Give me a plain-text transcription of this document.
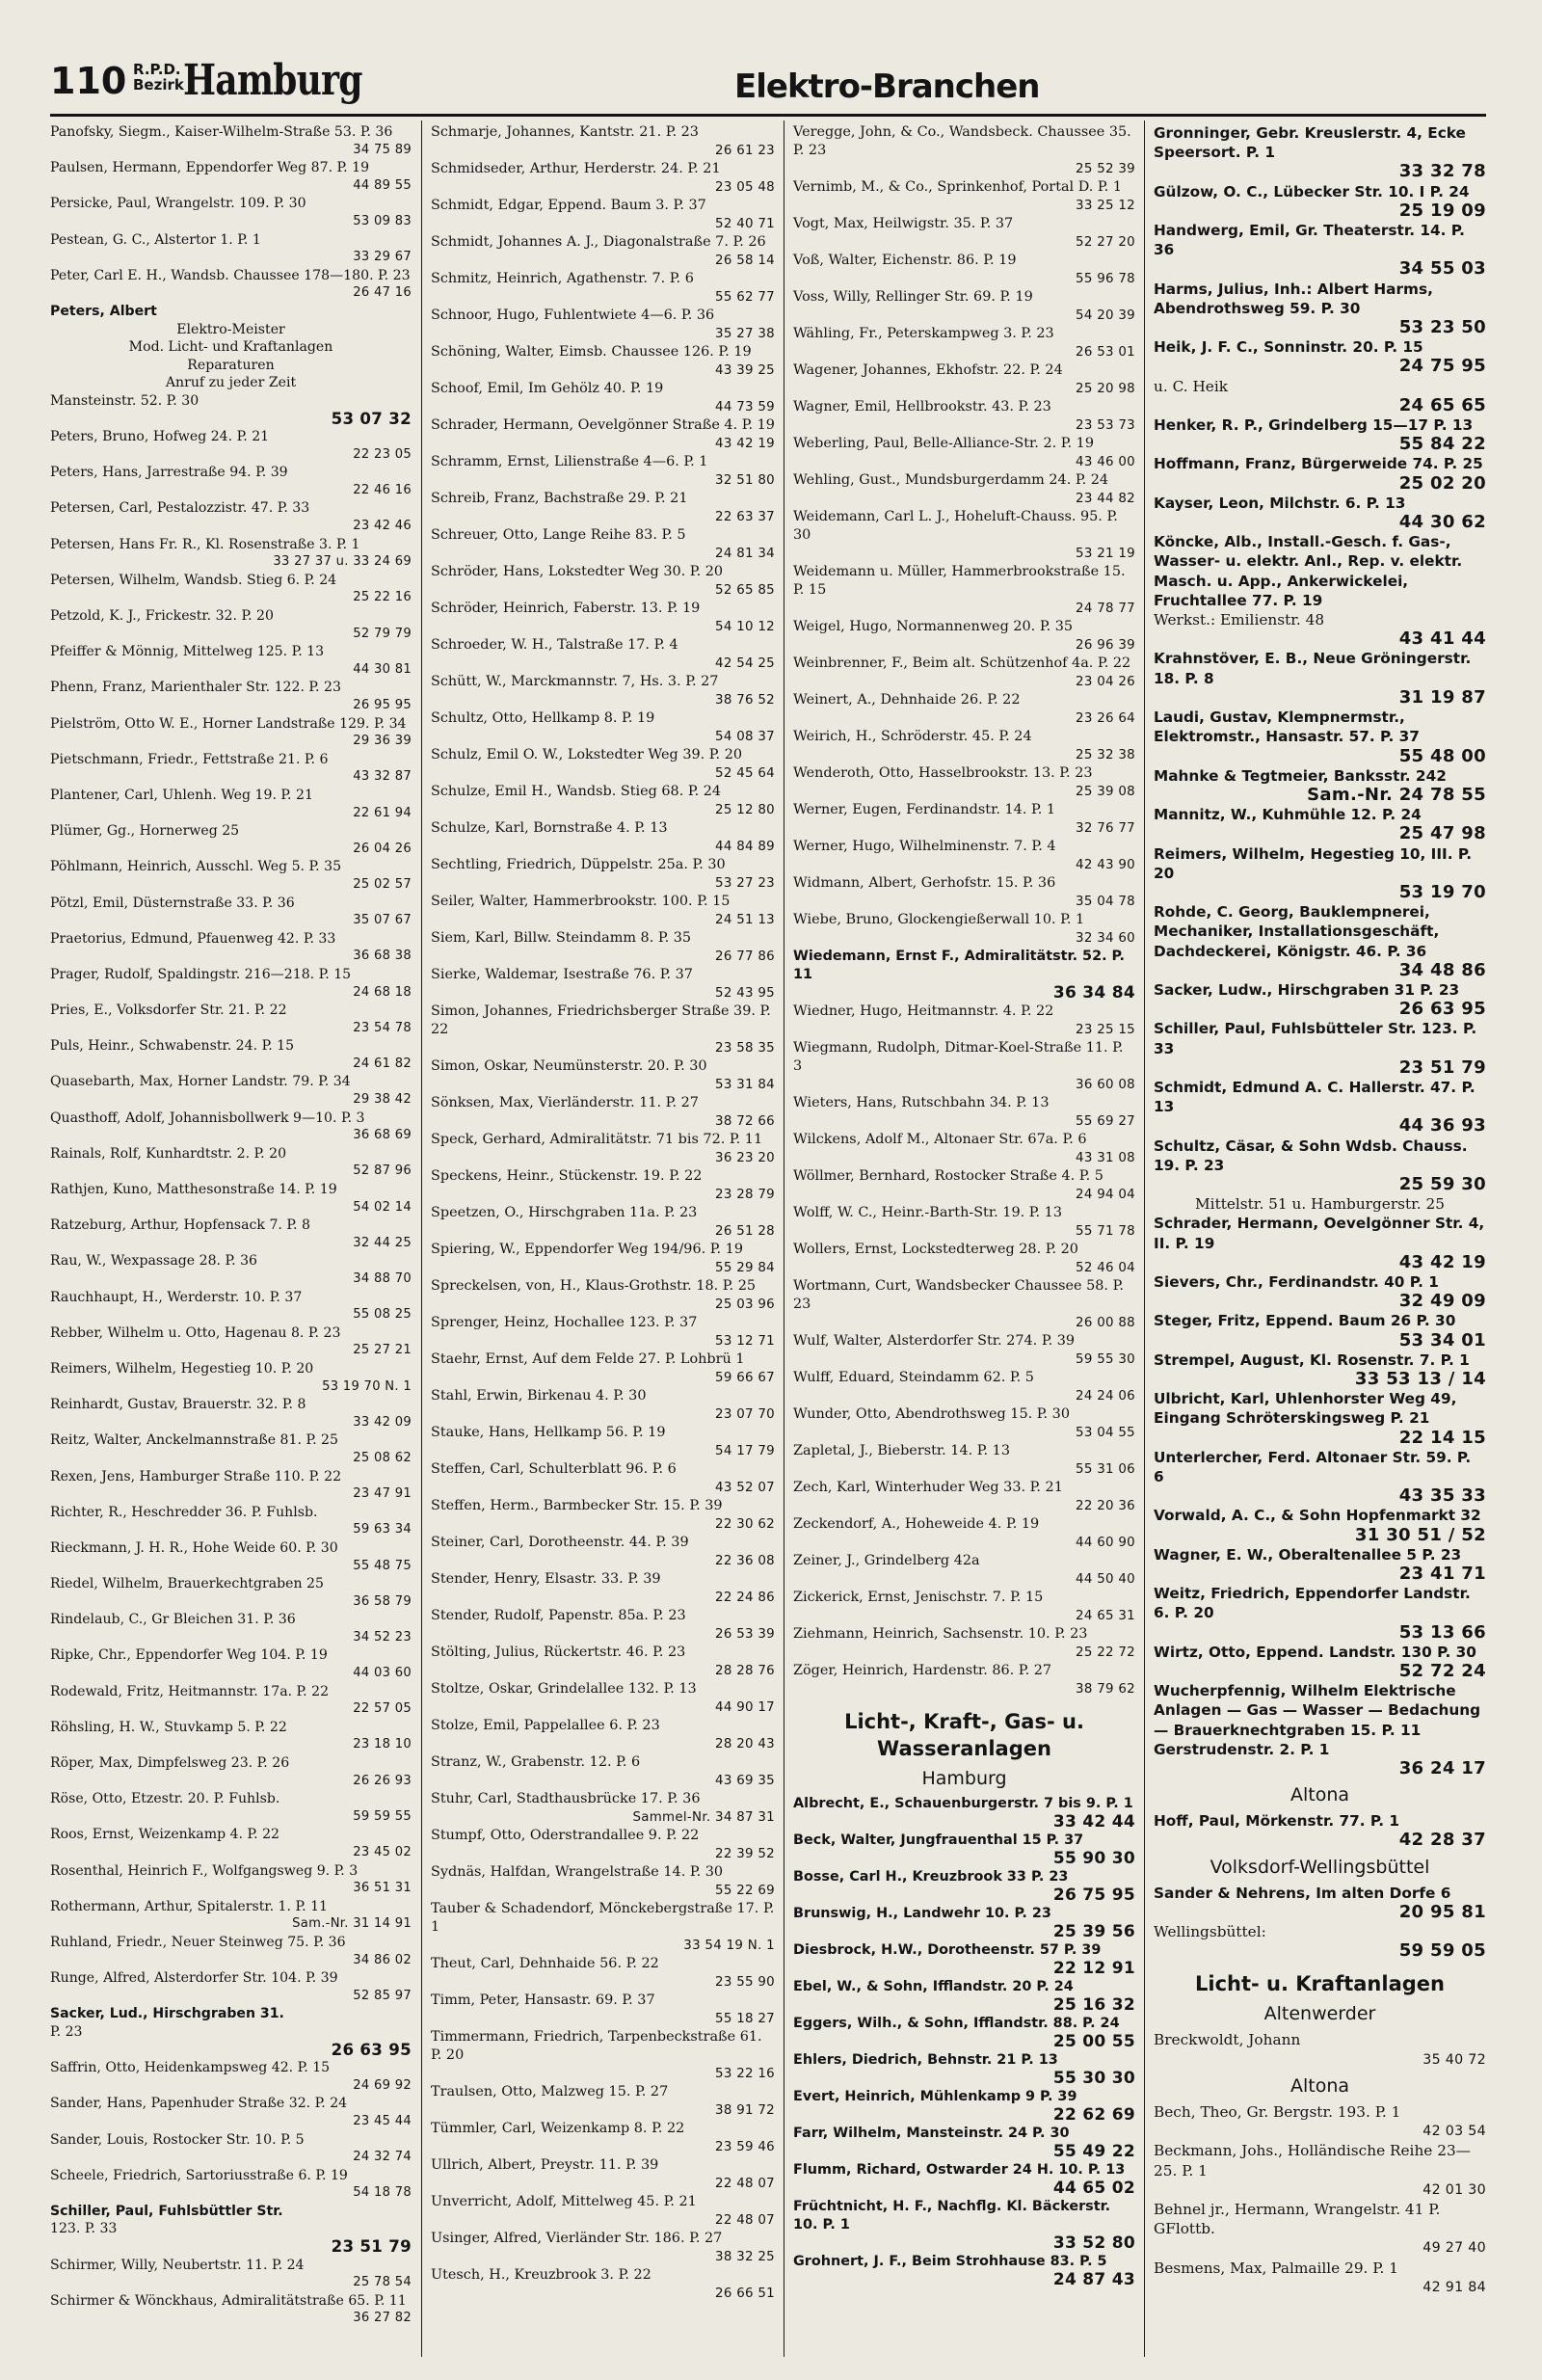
110 R.P.D.
Bezirk Hamburg	Elektro-Branchen
Panofsky, Siegm., Kaiser-Wilhelm-Straße 53. P. 36
34 75 89
Paulsen, Hermann, Eppendorfer Weg 87. P. 19
44 89 55
Persicke, Paul, Wrangelstr. 109. P. 30
53 09 83
Pestean, G. C., Alstertor 1. P. 1
33 29 67
Peter, Carl E. H., Wandsb. Chaussee 178—180. P. 23
26 47 16
Peters, Albert
Elektro-Meister
Mod. Licht- und Kraftanlagen
Reparaturen
Anruf zu jeder Zeit
Mansteinstr. 52. P. 30
53 07 32
Peters, Bruno, Hofweg 24. P. 21
22 23 05
Peters, Hans, Jarrestraße 94. P. 39
22 46 16
Petersen, Carl, Pestalozzistr. 47. P. 33
23 42 46
Petersen, Hans Fr. R., Kl. Rosenstraße 3. P. 1
33 27 37 u. 33 24 69
Petersen, Wilhelm, Wandsb. Stieg 6. P. 24
25 22 16
Petzold, K. J., Frickestr. 32. P. 20
52 79 79
Pfeiffer & Mönnig, Mittelweg 125. P. 13
44 30 81
Phenn, Franz, Marienthaler Str. 122. P. 23
26 95 95
Pielström, Otto W. E., Horner Landstraße 129. P. 34
29 36 39
Pietschmann, Friedr., Fettstraße 21. P. 6
43 32 87
Plantener, Carl, Uhlenh. Weg 19. P. 21
22 61 94
Plümer, Gg., Hornerweg 25
26 04 26
Pöhlmann, Heinrich, Ausschl. Weg 5. P. 35
25 02 57
Pötzl, Emil, Düsternstraße 33. P. 36
35 07 67
Praetorius, Edmund, Pfauenweg 42. P. 33
36 68 38
Prager, Rudolf, Spaldingstr. 216—218. P. 15
24 68 18
Pries, E., Volksdorfer Str. 21. P. 22
23 54 78
Puls, Heinr., Schwabenstr. 24. P. 15
24 61 82
Quasebarth, Max, Horner Landstr. 79. P. 34
29 38 42
Quasthoff, Adolf, Johannisbollwerk 9—10. P. 3
36 68 69
Rainals, Rolf, Kunhardtstr. 2. P. 20
52 87 96
Rathjen, Kuno, Matthesonstraße 14. P. 19
54 02 14
Ratzeburg, Arthur, Hopfensack 7. P. 8
32 44 25
Rau, W., Wexpassage 28. P. 36
34 88 70
Rauchhaupt, H., Werderstr. 10. P. 37
55 08 25
Rebber, Wilhelm u. Otto, Hagenau 8. P. 23
25 27 21
Reimers, Wilhelm, Hegestieg 10. P. 20
53 19 70 N. 1
Reinhardt, Gustav, Brauerstr. 32. P. 8
33 42 09
Reitz, Walter, Anckelmannstraße 81. P. 25
25 08 62
Rexen, Jens, Hamburger Straße 110. P. 22
23 47 91
Richter, R., Heschredder 36. P. Fuhlsb.
59 63 34
Rieckmann, J. H. R., Hohe Weide 60. P. 30
55 48 75
Riedel, Wilhelm, Brauerkechtgraben 25
36 58 79
Rindelaub, C., Gr Bleichen 31. P. 36
34 52 23
Ripke, Chr., Eppendorfer Weg 104. P. 19
44 03 60
Rodewald, Fritz, Heitmannstr. 17a. P. 22
22 57 05
Röhsling, H. W., Stuvkamp 5. P. 22
23 18 10
Röper, Max, Dimpfelsweg 23. P. 26
26 26 93
Röse, Otto, Etzestr. 20. P. Fuhlsb.
59 59 55
Roos, Ernst, Weizenkamp 4. P. 22
23 45 02
Rosenthal, Heinrich F., Wolfgangsweg 9. P. 3
36 51 31
Rothermann, Arthur, Spitalerstr. 1. P. 11
Sam.-Nr. 31 14 91
Ruhland, Friedr., Neuer Steinweg 75. P. 36
34 86 02
Runge, Alfred, Alsterdorfer Str. 104. P. 39
52 85 97
Sacker, Lud., Hirschgraben 31.
P. 23
26 63 95
Saffrin, Otto, Heidenkampsweg 42. P. 15
24 69 92
Sander, Hans, Papenhuder Straße 32. P. 24
23 45 44
Sander, Louis, Rostocker Str. 10. P. 5
24 32 74
Scheele, Friedrich, Sartoriusstraße 6. P. 19
54 18 78
Schiller, Paul, Fuhlsbüttler Str.
123. P. 33
23 51 79
Schirmer, Willy, Neubertstr. 11. P. 24
25 78 54
Schirmer & Wönckhaus, Admiralitätstraße 65. P. 11
36 27 82
Schmarje, Johannes, Kantstr. 21. P. 23
26 61 23
Schmidseder, Arthur, Herderstr. 24. P. 21
23 05 48
Schmidt, Edgar, Eppend. Baum 3. P. 37
52 40 71
Schmidt, Johannes A. J., Diagonalstraße 7. P. 26
26 58 14
Schmitz, Heinrich, Agathenstr. 7. P. 6
55 62 77
Schnoor, Hugo, Fuhlentwiete 4—6. P. 36
35 27 38
Schöning, Walter, Eimsb. Chaussee 126. P. 19
43 39 25
Schoof, Emil, Im Gehölz 40. P. 19
44 73 59
Schrader, Hermann, Oevelgönner Straße 4. P. 19
43 42 19
Schramm, Ernst, Lilienstraße 4—6. P. 1
32 51 80
Schreib, Franz, Bachstraße 29. P. 21
22 63 37
Schreuer, Otto, Lange Reihe 83. P. 5
24 81 34
Schröder, Hans, Lokstedter Weg 30. P. 20
52 65 85
Schröder, Heinrich, Faberstr. 13. P. 19
54 10 12
Schroeder, W. H., Talstraße 17. P. 4
42 54 25
Schütt, W., Marckmannstr. 7, Hs. 3. P. 27
38 76 52
Schultz, Otto, Hellkamp 8. P. 19
54 08 37
Schulz, Emil O. W., Lokstedter Weg 39. P. 20
52 45 64
Schulze, Emil H., Wandsb. Stieg 68. P. 24
25 12 80
Schulze, Karl, Bornstraße 4. P. 13
44 84 89
Sechtling, Friedrich, Düppelstr. 25a. P. 30
53 27 23
Seiler, Walter, Hammerbrookstr. 100. P. 15
24 51 13
Siem, Karl, Billw. Steindamm 8. P. 35
26 77 86
Sierke, Waldemar, Isestraße 76. P. 37
52 43 95
Simon, Johannes, Friedrichsberger Straße 39. P. 22
23 58 35
Simon, Oskar, Neumünsterstr. 20. P. 30
53 31 84
Sönksen, Max, Vierländerstr. 11. P. 27
38 72 66
Speck, Gerhard, Admiralitätstr. 71 bis 72. P. 11
36 23 20
Speckens, Heinr., Stückenstr. 19. P. 22
23 28 79
Speetzen, O., Hirschgraben 11a. P. 23
26 51 28
Spiering, W., Eppendorfer Weg 194/96. P. 19
55 29 84
Spreckelsen, von, H., Klaus-Grothstr. 18. P. 25
25 03 96
Sprenger, Heinz, Hochallee 123. P. 37
53 12 71
Staehr, Ernst, Auf dem Felde 27. P. Lohbrü 1
59 66 67
Stahl, Erwin, Birkenau 4. P. 30
23 07 70
Stauke, Hans, Hellkamp 56. P. 19
54 17 79
Steffen, Carl, Schulterblatt 96. P. 6
43 52 07
Steffen, Herm., Barmbecker Str. 15. P. 39
22 30 62
Steiner, Carl, Dorotheenstr. 44. P. 39
22 36 08
Stender, Henry, Elsastr. 33. P. 39
22 24 86
Stender, Rudolf, Papenstr. 85a. P. 23
26 53 39
Stölting, Julius, Rückertstr. 46. P. 23
28 28 76
Stoltze, Oskar, Grindelallee 132. P. 13
44 90 17
Stolze, Emil, Pappelallee 6. P. 23
28 20 43
Stranz, W., Grabenstr. 12. P. 6
43 69 35
Stuhr, Carl, Stadthausbrücke 17. P. 36
Sammel-Nr. 34 87 31
Stumpf, Otto, Oderstrandallee 9. P. 22
22 39 52
Sydnäs, Halfdan, Wrangelstraße 14. P. 30
55 22 69
Tauber & Schadendorf, Mönckebergstraße 17. P. 1
33 54 19 N. 1
Theut, Carl, Dehnhaide 56. P. 22
23 55 90
Timm, Peter, Hansastr. 69. P. 37
55 18 27
Timmermann, Friedrich, Tarpenbeckstraße 61. P. 20
53 22 16
Traulsen, Otto, Malzweg 15. P. 27
38 91 72
Tümmler, Carl, Weizenkamp 8. P. 22
23 59 46
Ullrich, Albert, Preystr. 11. P. 39
22 48 07
Unverricht, Adolf, Mittelweg 45. P. 21
22 48 07
Usinger, Alfred, Vierländer Str. 186. P. 27
38 32 25
Utesch, H., Kreuzbrook 3. P. 22
26 66 51
Veregge, John, & Co., Wandsbeck. Chaussee 35. P. 23
25 52 39
Vernimb, M., & Co., Sprinkenhof, Portal D. P. 1
33 25 12
Vogt, Max, Heilwigstr. 35. P. 37
52 27 20
Voß, Walter, Eichenstr. 86. P. 19
55 96 78
Voss, Willy, Rellinger Str. 69. P. 19
54 20 39
Wähling, Fr., Peterskampweg 3. P. 23
26 53 01
Wagener, Johannes, Ekhofstr. 22. P. 24
25 20 98
Wagner, Emil, Hellbrookstr. 43. P. 23
23 53 73
Weberling, Paul, Belle-Alliance-Str. 2. P. 19
43 46 00
Wehling, Gust., Mundsburgerdamm 24. P. 24
23 44 82
Weidemann, Carl L. J., Hoheluft-Chauss. 95. P. 30
53 21 19
Weidemann u. Müller, Hammerbrookstraße 15. P. 15
24 78 77
Weigel, Hugo, Normannenweg 20. P. 35
26 96 39
Weinbrenner, F., Beim alt. Schützenhof 4a. P. 22
23 04 26
Weinert, A., Dehnhaide 26. P. 22
23 26 64
Weirich, H., Schröderstr. 45. P. 24
25 32 38
Wenderoth, Otto, Hasselbrookstr. 13. P. 23
25 39 08
Werner, Eugen, Ferdinandstr. 14. P. 1
32 76 77
Werner, Hugo, Wilhelminenstr. 7. P. 4
42 43 90
Widmann, Albert, Gerhofstr. 15. P. 36
35 04 78
Wiebe, Bruno, Glockengießerwall 10. P. 1
32 34 60
Wiedemann, Ernst F., Admiralitätstr. 52. P. 11
36 34 84
Wiedner, Hugo, Heitmannstr. 4. P. 22
23 25 15
Wiegmann, Rudolph, Ditmar-Koel-Straße 11. P. 3
36 60 08
Wieters, Hans, Rutschbahn 34. P. 13
55 69 27
Wilckens, Adolf M., Altonaer Str. 67a. P. 6
43 31 08
Wöllmer, Bernhard, Rostocker Straße 4. P. 5
24 94 04
Wolff, W. C., Heinr.-Barth-Str. 19. P. 13
55 71 78
Wollers, Ernst, Lockstedterweg 28. P. 20
52 46 04
Wortmann, Curt, Wandsbecker Chaussee 58. P. 23
26 00 88
Wulf, Walter, Alsterdorfer Str. 274. P. 39
59 55 30
Wulff, Eduard, Steindamm 62. P. 5
24 24 06
Wunder, Otto, Abendrothsweg 15. P. 30
53 04 55
Zapletal, J., Bieberstr. 14. P. 13
55 31 06
Zech, Karl, Winterhuder Weg 33. P. 21
22 20 36
Zeckendorf, A., Hoheweide 4. P. 19
44 60 90
Zeiner, J., Grindelberg 42a
44 50 40
Zickerick, Ernst, Jenischstr. 7. P. 15
24 65 31
Ziehmann, Heinrich, Sachsenstr. 10. P. 23
25 22 72
Zöger, Heinrich, Hardenstr. 86. P. 27
38 79 62
Licht-, Kraft-, Gas- u. Wasseranlagen
Hamburg
Albrecht, E., Schauenburgerstr. 7 bis 9. P. 1
33 42 44
Beck, Walter, Jungfrauenthal 15 P. 37
55 90 30
Bosse, Carl H., Kreuzbrook 33 P. 23
26 75 95
Brunswig, H., Landwehr 10. P. 23
25 39 56
Diesbrock, H.W., Dorotheenstr. 57 P. 39
22 12 91
Ebel, W., & Sohn, Ifflandstr. 20 P. 24
25 16 32
Eggers, Wilh., & Sohn, Ifflandstr. 88. P. 24
25 00 55
Ehlers, Diedrich, Behnstr. 21 P. 13
55 30 30
Evert, Heinrich, Mühlenkamp 9 P. 39
22 62 69
Farr, Wilhelm, Mansteinstr. 24 P. 30
55 49 22
Flumm, Richard, Ostwarder 24 H. 10. P. 13
44 65 02
Früchtnicht, H. F., Nachflg. Kl. Bäckerstr. 10. P. 1
33 52 80
Grohnert, J. F., Beim Strohhause 83. P. 5
24 87 43
Gronninger, Gebr. Kreuslerstr. 4, Ecke Speersort. P. 1
33 32 78
Gülzow, O. C., Lübecker Str. 10. I P. 24
25 19 09
Handwerg, Emil, Gr. Theaterstr. 14. P. 36
34 55 03
Harms, Julius, Inh.: Albert Harms, Abendrothsweg 59. P. 30
53 23 50
Heik, J. F. C., Sonninstr. 20. P. 15
24 75 95
u. C. Heik
24 65 65
Henker, R. P., Grindelberg 15—17 P. 13
55 84 22
Hoffmann, Franz, Bürgerweide 74. P. 25
25 02 20
Kayser, Leon, Milchstr. 6. P. 13
44 30 62
Köncke, Alb., Install.-Gesch. f. Gas-, Wasser- u. elektr. Anl., Rep. v. elektr. Masch. u. App., Ankerwickelei, Fruchtallee 77. P. 19
Werkst.: Emilienstr. 48
43 41 44
Krahnstöver, E. B., Neue Gröningerstr. 18. P. 8
31 19 87
Laudi, Gustav, Klempnermstr., Elektromstr., Hansastr. 57. P. 37
55 48 00
Mahnke & Tegtmeier, Banksstr. 242
Sam.-Nr. 24 78 55
Mannitz, W., Kuhmühle 12. P. 24
25 47 98
Reimers, Wilhelm, Hegestieg 10, III. P. 20
53 19 70
Rohde, C. Georg, Bauklempnerei, Mechaniker, Installationsgeschäft, Dachdeckerei, Königstr. 46. P. 36
34 48 86
Sacker, Ludw., Hirschgraben 31 P. 23
26 63 95
Schiller, Paul, Fuhlsbütteler Str. 123. P. 33
23 51 79
Schmidt, Edmund A. C. Hallerstr. 47. P. 13
44 36 93
Schultz, Cäsar, & Sohn Wdsb. Chauss. 19. P. 23
25 59 30
Mittelstr. 51 u. Hamburgerstr. 25
Schrader, Hermann, Oevelgönner Str. 4, II. P. 19
43 42 19
Sievers, Chr., Ferdinandstr. 40 P. 1
32 49 09
Steger, Fritz, Eppend. Baum 26 P. 30
53 34 01
Strempel, August, Kl. Rosenstr. 7. P. 1
33 53 13 / 14
Ulbricht, Karl, Uhlenhorster Weg 49, Eingang Schröterskingsweg P. 21
22 14 15
Unterlercher, Ferd. Altonaer Str. 59. P. 6
43 35 33
Vorwald, A. C., & Sohn Hopfenmarkt 32
31 30 51 / 52
Wagner, E. W., Oberaltenallee 5 P. 23
23 41 71
Weitz, Friedrich, Eppendorfer Landstr. 6. P. 20
53 13 66
Wirtz, Otto, Eppend. Landstr. 130 P. 30
52 72 24
Wucherpfennig, Wilhelm Elektrische Anlagen — Gas — Wasser — Bedachung — Brauerknechtgraben 15. P. 11 Gerstrudenstr. 2. P. 1
36 24 17
Altona
Hoff, Paul, Mörkenstr. 77. P. 1
42 28 37
Volksdorf-Wellingsbüttel
Sander & Nehrens, Im alten Dorfe 6
20 95 81
Wellingsbüttel:
59 59 05
Licht- u. Kraftanlagen
Altenwerder
Breckwoldt, Johann
35 40 72
Altona
Bech, Theo, Gr. Bergstr. 193. P. 1
42 03 54
Beckmann, Johs., Holländische Reihe 23—25. P. 1
42 01 30
Behnel jr., Hermann, Wrangelstr. 41 P. GFlottb.
49 27 40
Besmens, Max, Palmaille 29. P. 1
42 91 84
